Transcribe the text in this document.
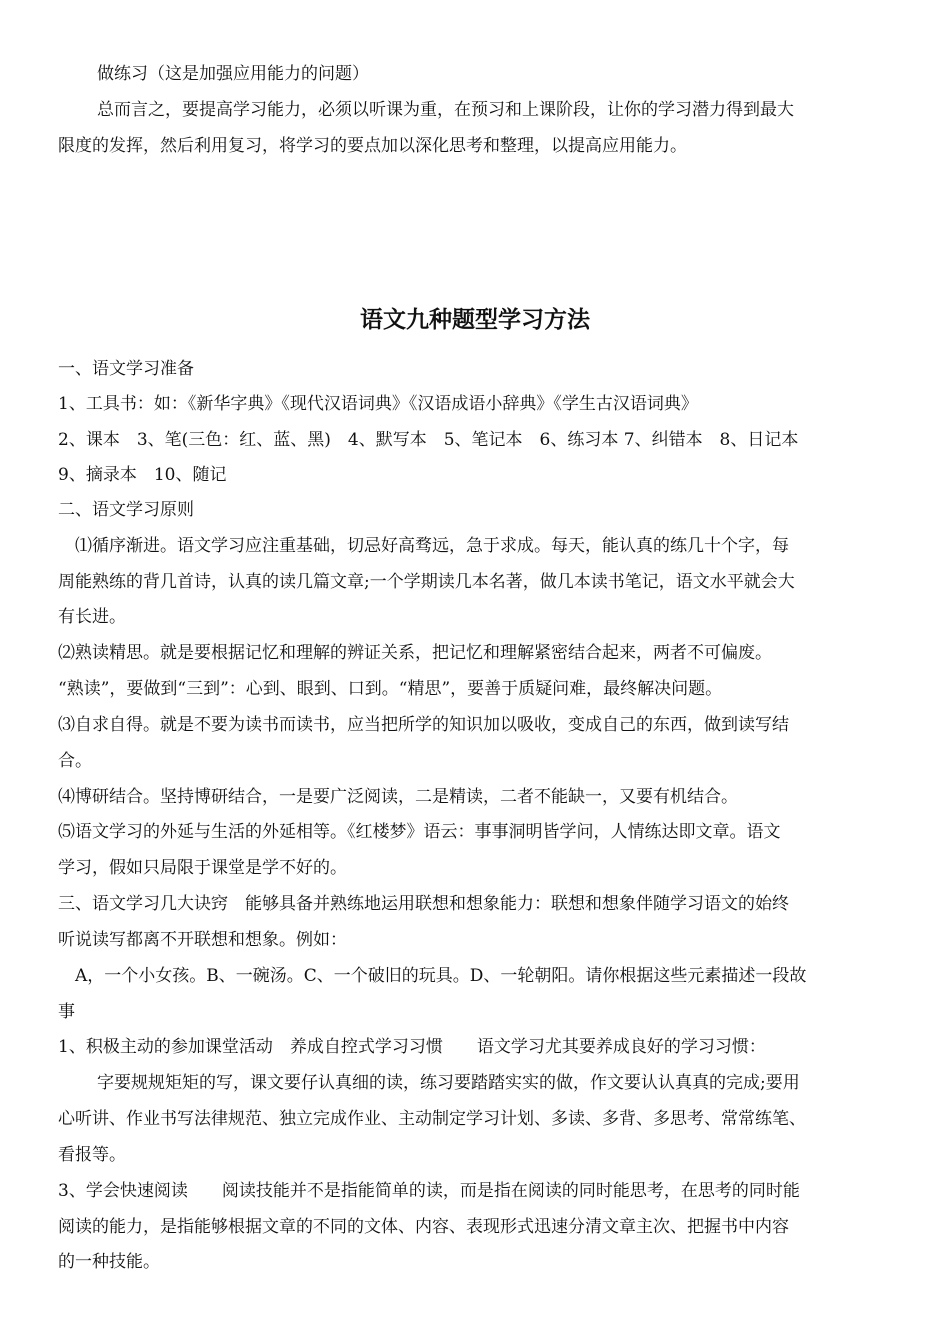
做练习（这是加强应用能力的问题）
总而言之，要提高学习能力，必须以听课为重，在预习和上课阶段，让你的学习潜力得到最大
限度的发挥，然后利用复习，将学习的要点加以深化思考和整理，以提高应用能力。
语文九种题型学习方法
一、语文学习准备
1、工具书：如：《新华字典》《现代汉语词典》《汉语成语小辞典》《学生古汉语词典》
2、课本　3、笔(三色：红、蓝、黑)　4、默写本　5、笔记本　6、练习本 7、纠错本　8、日记本
9、摘录本　10、随记
二、语文学习原则
⑴循序渐进。语文学习应注重基础，切忌好高骛远，急于求成。每天，能认真的练几十个字，每
周能熟练的背几首诗，认真的读几篇文章;一个学期读几本名著，做几本读书笔记，语文水平就会大
有长进。
⑵熟读精思。就是要根据记忆和理解的辨证关系，把记忆和理解紧密结合起来，两者不可偏废。
“熟读”，要做到“三到”：心到、眼到、口到。“精思”，要善于质疑问难，最终解决问题。
⑶自求自得。就是不要为读书而读书，应当把所学的知识加以吸收，变成自己的东西，做到读写结
合。
⑷博研结合。坚持博研结合，一是要广泛阅读，二是精读，二者不能缺一，又要有机结合。
⑸语文学习的外延与生活的外延相等。《红楼梦》语云：事事洞明皆学问，人情练达即文章。语文
学习，假如只局限于课堂是学不好的。
三、语文学习几大诀窍　能够具备并熟练地运用联想和想象能力：联想和想象伴随学习语文的始终
听说读写都离不开联想和想象。例如：
A，一个小女孩。B、一碗汤。C、一个破旧的玩具。D、一轮朝阳。请你根据这些元素描述一段故
事
1、积极主动的参加课堂活动　养成自控式学习习惯　　语文学习尤其要养成良好的学习习惯：
字要规规矩矩的写，课文要仔认真细的读，练习要踏踏实实的做，作文要认认真真的完成;要用
心听讲、作业书写法律规范、独立完成作业、主动制定学习计划、多读、多背、多思考、常常练笔、
看报等。
3、学会快速阅读　　阅读技能并不是指能简单的读，而是指在阅读的同时能思考，在思考的同时能
阅读的能力，是指能够根据文章的不同的文体、内容、表现形式迅速分清文章主次、把握书中内容
的一种技能。
